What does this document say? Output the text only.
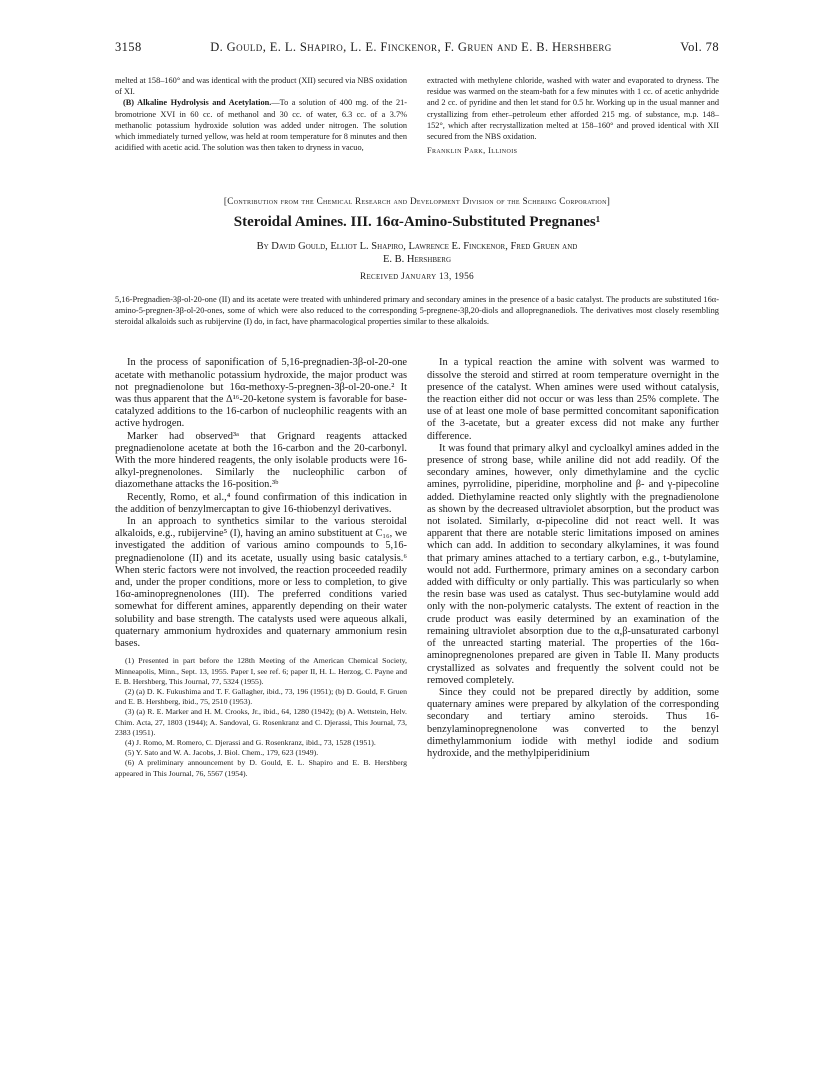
3158	D. Gould, E. L. Shapiro, L. E. Finckenor, F. Gruen and E. B. Hershberg	Vol. 78

melted at 158–160° and was identical with the product (XII) secured via NBS oxidation of XI.

(B) Alkaline Hydrolysis and Acetylation.—To a solution of 400 mg. of the 21-bromotrione XVI in 60 cc. of methanol and 30 cc. of water, 6.3 cc. of a 3.7% methanolic potassium hydroxide solution was added under nitrogen. The solution which immediately turned yellow, was held at room temperature for 8 minutes and then acidified with acetic acid. The solution was then taken to dryness in vacuo,

extracted with methylene chloride, washed with water and evaporated to dryness. The residue was warmed on the steam-bath for a few minutes with 1 cc. of acetic anhydride and 2 cc. of pyridine and then let stand for 0.5 hr. Working up in the usual manner and crystallizing from ether–petroleum ether afforded 215 mg. of substance, m.p. 148–152°, which after recrystallization melted at 158–160° and proved identical with XII secured from the NBS oxidation.

Franklin Park, Illinois

[Contribution from the Chemical Research and Development Division of the Schering Corporation]
Steroidal Amines. III. 16α-Amino-Substituted Pregnanes¹
By David Gould, Elliot L. Shapiro, Lawrence E. Finckenor, Fred Gruen and
E. B. Hershberg
Received January 13, 1956

5,16-Pregnadien-3β-ol-20-one (II) and its acetate were treated with unhindered primary and secondary amines in the presence of a basic catalyst. The products are substituted 16α-amino-5-pregnen-3β-ol-20-ones, some of which were also reduced to the corresponding 5-pregnene-3β,20-diols and allopregnanediols. The derivatives most closely resembling steroidal alkaloids such as rubijervine (I) do, in fact, have pharmacological properties similar to these alkaloids.

In the process of saponification of 5,16-pregnadien-3β-ol-20-one acetate with methanolic potassium hydroxide, the major product was not pregnadienolone but 16α-methoxy-5-pregnen-3β-ol-20-one.² It was thus apparent that the Δ¹⁶-20-ketone system is favorable for base-catalyzed additions to the 16-carbon of nucleophilic reagents with an active hydrogen.

Marker had observed³ᵃ that Grignard reagents attacked pregnadienolone acetate at both the 16-carbon and the 20-carbonyl. With the more hindered reagents, the only isolable products were 16-alkyl-pregnenolones. Similarly the nucleophilic carbon of diazomethane attacks the 16-position.³ᵇ

Recently, Romo, et al.,⁴ found confirmation of this indication in the addition of benzylmercaptan to give 16-thiobenzyl derivatives.

In an approach to synthetics similar to the various steroidal alkaloids, e.g., rubijervine⁵ (I), having an amino substituent at C₁₆, we investigated the addition of various amino compounds to 5,16-pregnadienolone (II) and its acetate, usually using basic catalysis.⁶ When steric factors were not involved, the reaction proceeded readily and, under the proper conditions, more or less to completion, to give 16α-aminopregnenolones (III). The preferred conditions varied somewhat for different amines, apparently depending on their water solubility and base strength. The catalysts used were aqueous alkali, quaternary ammonium hydroxides and quaternary ammonium resin bases.

(1) Presented in part before the 128th Meeting of the American Chemical Society, Minneapolis, Minn., Sept. 13, 1955. Paper I, see ref. 6; paper II, H. L. Herzog, C. Payne and E. B. Hershberg, This Journal, 77, 5324 (1955).

(2) (a) D. K. Fukushima and T. F. Gallagher, ibid., 73, 196 (1951); (b) D. Gould, F. Gruen and E. B. Hershberg, ibid., 75, 2510 (1953).

(3) (a) R. E. Marker and H. M. Crooks, Jr., ibid., 64, 1280 (1942); (b) A. Wettstein, Helv. Chim. Acta, 27, 1803 (1944); A. Sandoval, G. Rosenkranz and C. Djerassi, This Journal, 73, 2383 (1951).

(4) J. Romo, M. Romero, C. Djerassi and G. Rosenkranz, ibid., 73, 1528 (1951).

(5) Y. Sato and W. A. Jacobs, J. Biol. Chem., 179, 623 (1949).

(6) A preliminary announcement by D. Gould, E. L. Shapiro and E. B. Hershberg appeared in This Journal, 76, 5567 (1954).

In a typical reaction the amine with solvent was warmed to dissolve the steroid and stirred at room temperature overnight in the presence of the catalyst. When amines were used without catalysis, the reaction either did not occur or was less than 25% complete. The use of at least one mole of base permitted concomitant saponification of the 3-acetate, but a greater excess did not make any further difference.

It was found that primary alkyl and cycloalkyl amines added in the presence of strong base, while aniline did not add readily. Of the secondary amines, however, only dimethylamine and the cyclic amines, pyrrolidine, piperidine, morpholine and β- and γ-pipecoline added. Diethylamine reacted only slightly with the pregnadienolone as shown by the decreased ultraviolet absorption, but the product was not isolated. Similarly, α-pipecoline did not react well. It was apparent that there are notable steric limitations imposed on amines which can add. In addition to secondary alkylamines, it was found that primary amines attached to a tertiary carbon, e.g., t-butylamine, would not add. Furthermore, primary amines on a secondary carbon added with difficulty or only partially. This was particularly so when the resin base was used as catalyst. Thus sec-butylamine would add only with the non-polymeric catalysts. The extent of reaction in the crude product was easily determined by an examination of the remaining ultraviolet absorption due to the α,β-unsaturated carbonyl of the unreacted starting material. The properties of the 16α-aminopregnenolones prepared are given in Table II. Many products crystallized as solvates and frequently the solvent could not be removed completely.

Since they could not be prepared directly by addition, some quaternary amines were prepared by alkylation of the corresponding secondary and tertiary amino steroids. Thus 16-benzylaminopregnenolone was converted to the benzyl dimethylammonium iodide with methyl iodide and sodium hydroxide, and the methylpiperidinium
